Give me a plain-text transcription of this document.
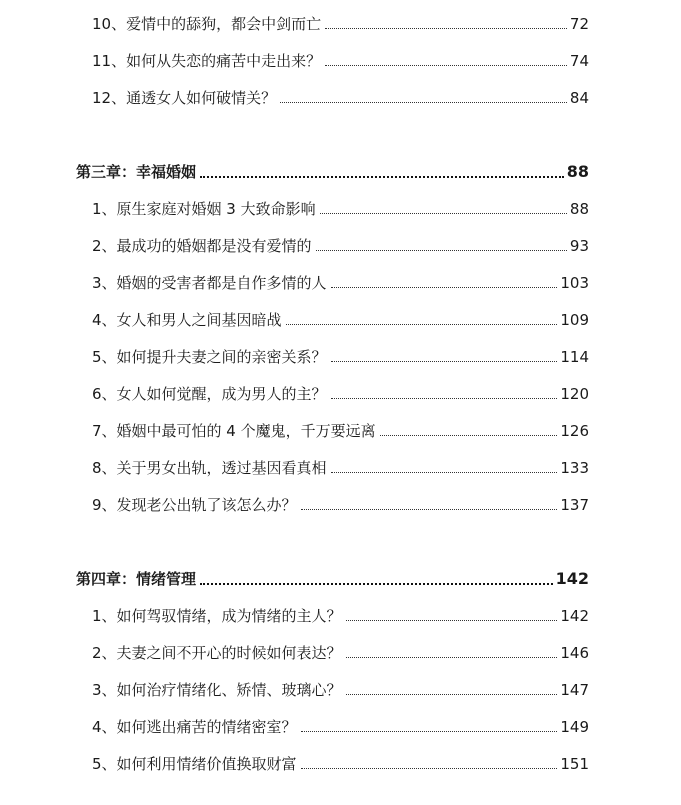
10、爱情中的舔狗，都会中剑而亡	72
11、如何从失恋的痛苦中走出来？	74
12、通透女人如何破情关？	84
第三章：幸福婚姻	88
1、原生家庭对婚姻 3 大致命影响	88
2、最成功的婚姻都是没有爱情的	93
3、婚姻的受害者都是自作多情的人	103
4、女人和男人之间基因暗战	109
5、如何提升夫妻之间的亲密关系？	114
6、女人如何觉醒，成为男人的主？	120
7、婚姻中最可怕的 4 个魔鬼，千万要远离	126
8、关于男女出轨，透过基因看真相	133
9、发现老公出轨了该怎么办？	137
第四章：情绪管理	142
1、如何驾驭情绪，成为情绪的主人？	142
2、夫妻之间不开心的时候如何表达？	146
3、如何治疗情绪化、矫情、玻璃心？	147
4、如何逃出痛苦的情绪密室？	149
5、如何利用情绪价值换取财富	151
